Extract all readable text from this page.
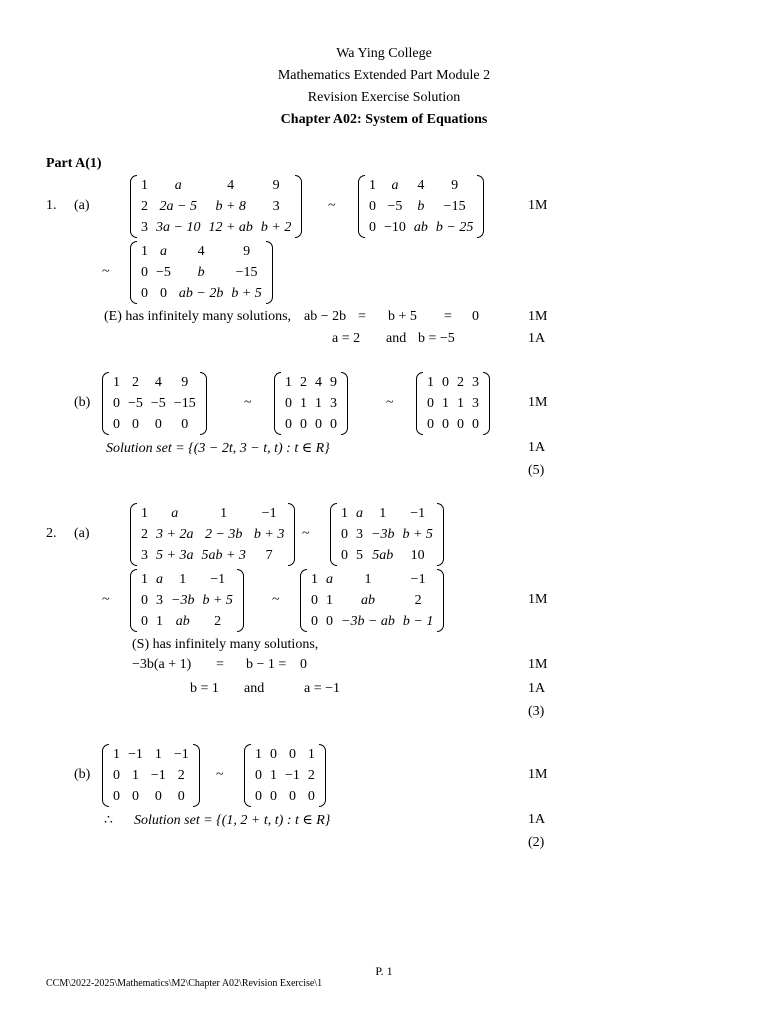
Wa Ying College
Mathematics Extended Part Module 2
Revision Exercise Solution
Chapter A02: System of Equations
Part A(1)
1. (a)
1	a	4	9
2	2a − 5	b + 8	3
3	3a − 10	12 + ab	b + 2
~
1	a	4	9
0	−5	b	−15
0	−10	ab	b − 25
1M
~
1	a	4	9
0	−5	b	−15
0	0	ab − 2b	b + 5
(E) has infinitely many solutions, ab − 2b = b + 5 = 0	1M
a = 2 and b = −5	1A
(b)
1	2	4	9
0	−5	−5	−15
0	0	0	0
~
1	2	4	9
0	1	1	3
0	0	0	0
~
1	0	2	3
0	1	1	3
0	0	0	0
1M
Solution set = {(3 − 2t, 3 − t, t) : t ∈ R}	1A
(5)
2. (a)
1	a	1	−1
2	3 + 2a	2 − 3b	b + 3
3	5 + 3a	5ab + 3	7
~
1	a	1	−1
0	3	−3b	b + 5
0	5	5ab	10
~
1	a	1	−1
0	3	−3b	b + 5
0	1	ab	2
~
1	a	1	−1
0	1	ab	2
0	0	−3b − ab	b − 1
1M
(S) has infinitely many solutions,
−3b(a + 1) = b − 1 = 0	1M
b = 1 and	a = −1	1A
(3)
(b)
1	−1	1	−1
0	1	−1	2
0	0	0	0
~
1	0	0	1
0	1	−1	2
0	0	0	0
1M
∴ Solution set = {(1, 2 + t, t) : t ∈ R}	1A
(2)
P. 1
CCM\2022-2025\Mathematics\M2\Chapter A02\Revision Exercise\1
